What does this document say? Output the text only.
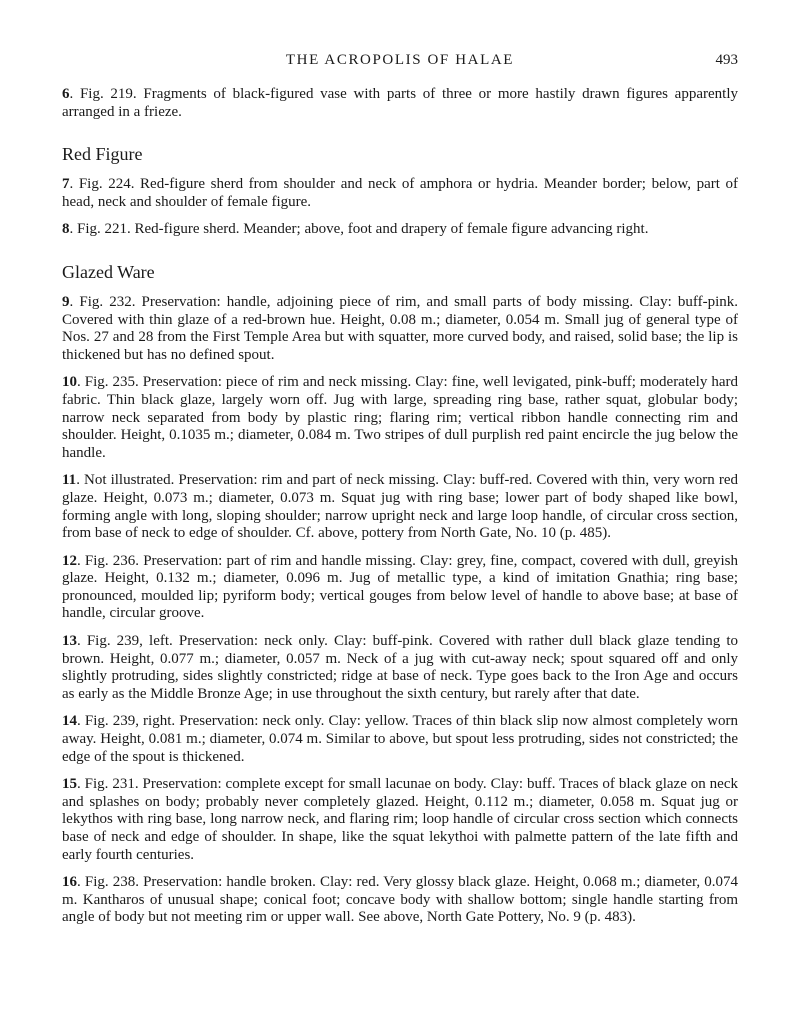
THE ACROPOLIS OF HALAE	493

6. Fig. 219. Fragments of black-figured vase with parts of three or more hastily drawn figures apparently arranged in a frieze.

Red Figure

7. Fig. 224. Red-figure sherd from shoulder and neck of amphora or hydria. Meander border; below, part of head, neck and shoulder of female figure.

8. Fig. 221. Red-figure sherd. Meander; above, foot and drapery of female figure advancing right.

Glazed Ware

9. Fig. 232. Preservation: handle, adjoining piece of rim, and small parts of body missing. Clay: buff-pink. Covered with thin glaze of a red-brown hue. Height, 0.08 m.; diameter, 0.054 m. Small jug of general type of Nos. 27 and 28 from the First Temple Area but with squatter, more curved body, and raised, solid base; the lip is thickened but has no defined spout.

10. Fig. 235. Preservation: piece of rim and neck missing. Clay: fine, well levigated, pink-buff; moderately hard fabric. Thin black glaze, largely worn off. Jug with large, spreading ring base, rather squat, globular body; narrow neck separated from body by plastic ring; flaring rim; vertical ribbon handle connecting rim and shoulder. Height, 0.1035 m.; diameter, 0.084 m. Two stripes of dull purplish red paint encircle the jug below the handle.

11. Not illustrated. Preservation: rim and part of neck missing. Clay: buff-red. Covered with thin, very worn red glaze. Height, 0.073 m.; diameter, 0.073 m. Squat jug with ring base; lower part of body shaped like bowl, forming angle with long, sloping shoulder; narrow upright neck and large loop handle, of circular cross section, from base of neck to edge of shoulder. Cf. above, pottery from North Gate, No. 10 (p. 485).

12. Fig. 236. Preservation: part of rim and handle missing. Clay: grey, fine, compact, covered with dull, greyish glaze. Height, 0.132 m.; diameter, 0.096 m. Jug of metallic type, a kind of imitation Gnathia; ring base; pronounced, moulded lip; pyriform body; vertical gouges from below level of handle to above base; at base of handle, circular groove.

13. Fig. 239, left. Preservation: neck only. Clay: buff-pink. Covered with rather dull black glaze tending to brown. Height, 0.077 m.; diameter, 0.057 m. Neck of a jug with cut-away neck; spout squared off and only slightly protruding, sides slightly constricted; ridge at base of neck. Type goes back to the Iron Age and occurs as early as the Middle Bronze Age; in use throughout the sixth century, but rarely after that date.

14. Fig. 239, right. Preservation: neck only. Clay: yellow. Traces of thin black slip now almost completely worn away. Height, 0.081 m.; diameter, 0.074 m. Similar to above, but spout less protruding, sides not constricted; the edge of the spout is thickened.

15. Fig. 231. Preservation: complete except for small lacunae on body. Clay: buff. Traces of black glaze on neck and splashes on body; probably never completely glazed. Height, 0.112 m.; diameter, 0.058 m. Squat jug or lekythos with ring base, long narrow neck, and flaring rim; loop handle of circular cross section which connects base of neck and edge of shoulder. In shape, like the squat lekythoi with palmette pattern of the late fifth and early fourth centuries.

16. Fig. 238. Preservation: handle broken. Clay: red. Very glossy black glaze. Height, 0.068 m.; diameter, 0.074 m. Kantharos of unusual shape; conical foot; concave body with shallow bottom; single handle starting from angle of body but not meeting rim or upper wall. See above, North Gate Pottery, No. 9 (p. 483).
